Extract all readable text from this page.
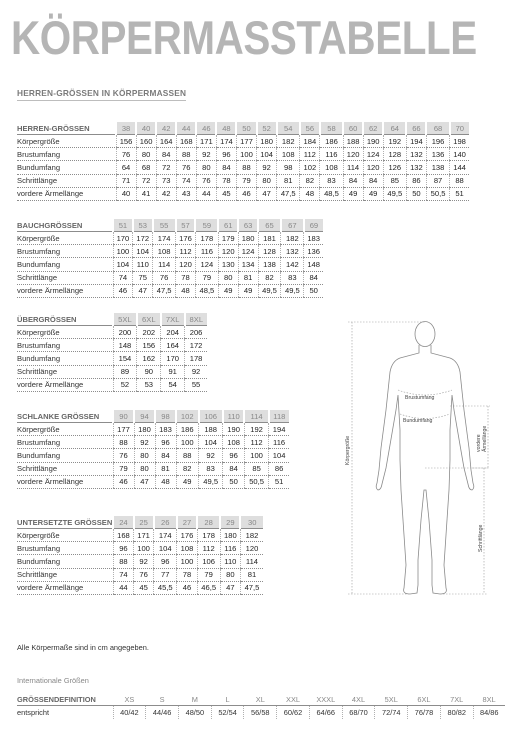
KÖRPERMASSTABELLE
HERREN-GRÖSSEN IN KÖRPERMASSEN
HERREN-GRÖSSEN	38	40	42	44	46	48	50	52	54	56	58	60	62	64	66	68	70
Körpergröße	156	160	164	168	171	174	177	180	182	184	186	188	190	192	194	196	198
Brustumfang	76	80	84	88	92	96	100	104	108	112	116	120	124	128	132	136	140
Bundumfang	64	68	72	76	80	84	88	92	98	102	108	114	120	126	132	138	144
Schrittlänge	71	72	73	74	76	78	79	80	81	82	83	84	84	85	86	87	88
vordere Ärmellänge	40	41	42	43	44	45	46	47	47,5	48	48,5	49	49	49,5	50	50,5	51
BAUCHGRÖSSEN	51	53	55	57	59	61	63	65	67	69
Körpergröße	170	172	174	176	178	179	180	181	182	183
Brustumfang	100	104	108	112	116	120	124	128	132	136
Bundumfang	104	110	114	120	124	130	134	138	142	148
Schrittlänge	74	75	76	78	79	80	81	82	83	84
vordere Ärmellänge	46	47	47,5	48	48,5	49	49	49,5	49,5	50
ÜBERGRÖSSEN	5XL	6XL	7XL	8XL
Körpergröße	200	202	204	206
Brustumfang	148	156	164	172
Bundumfang	154	162	170	178
Schrittlänge	89	90	91	92
vordere Ärmellänge	52	53	54	55
SCHLANKE GRÖSSEN	90	94	98	102	106	110	114	118
Körpergröße	177	180	183	186	188	190	192	194
Brustumfang	88	92	96	100	104	108	112	116
Bundumfang	76	80	84	88	92	96	100	104
Schrittlänge	79	80	81	82	83	84	85	86
vordere Ärmellänge	46	47	48	49	49,5	50	50,5	51
UNTERSETZTE GRÖSSEN	24	25	26	27	28	29	30
Körpergröße	168	171	174	176	178	180	182
Brustumfang	96	100	104	108	112	116	120
Bundumfang	88	92	96	100	106	110	114
Schrittlänge	74	76	77	78	79	80	81
vordere Ärmellänge	44	45	45,5	46	46,5	47	47,5
Körpergröße
Brustumfang
Bundumfang
vordere Ärmellänge
Schrittlänge
Alle Körpermaße sind in cm angegeben.
Internationale Größen
GRÖSSENDEFINITION	XS	S	M	L	XL	XXL	XXXL	4XL	5XL	6XL	7XL	8XL
entspricht	40/42	44/46	48/50	52/54	56/58	60/62	64/66	68/70	72/74	76/78	80/82	84/86
